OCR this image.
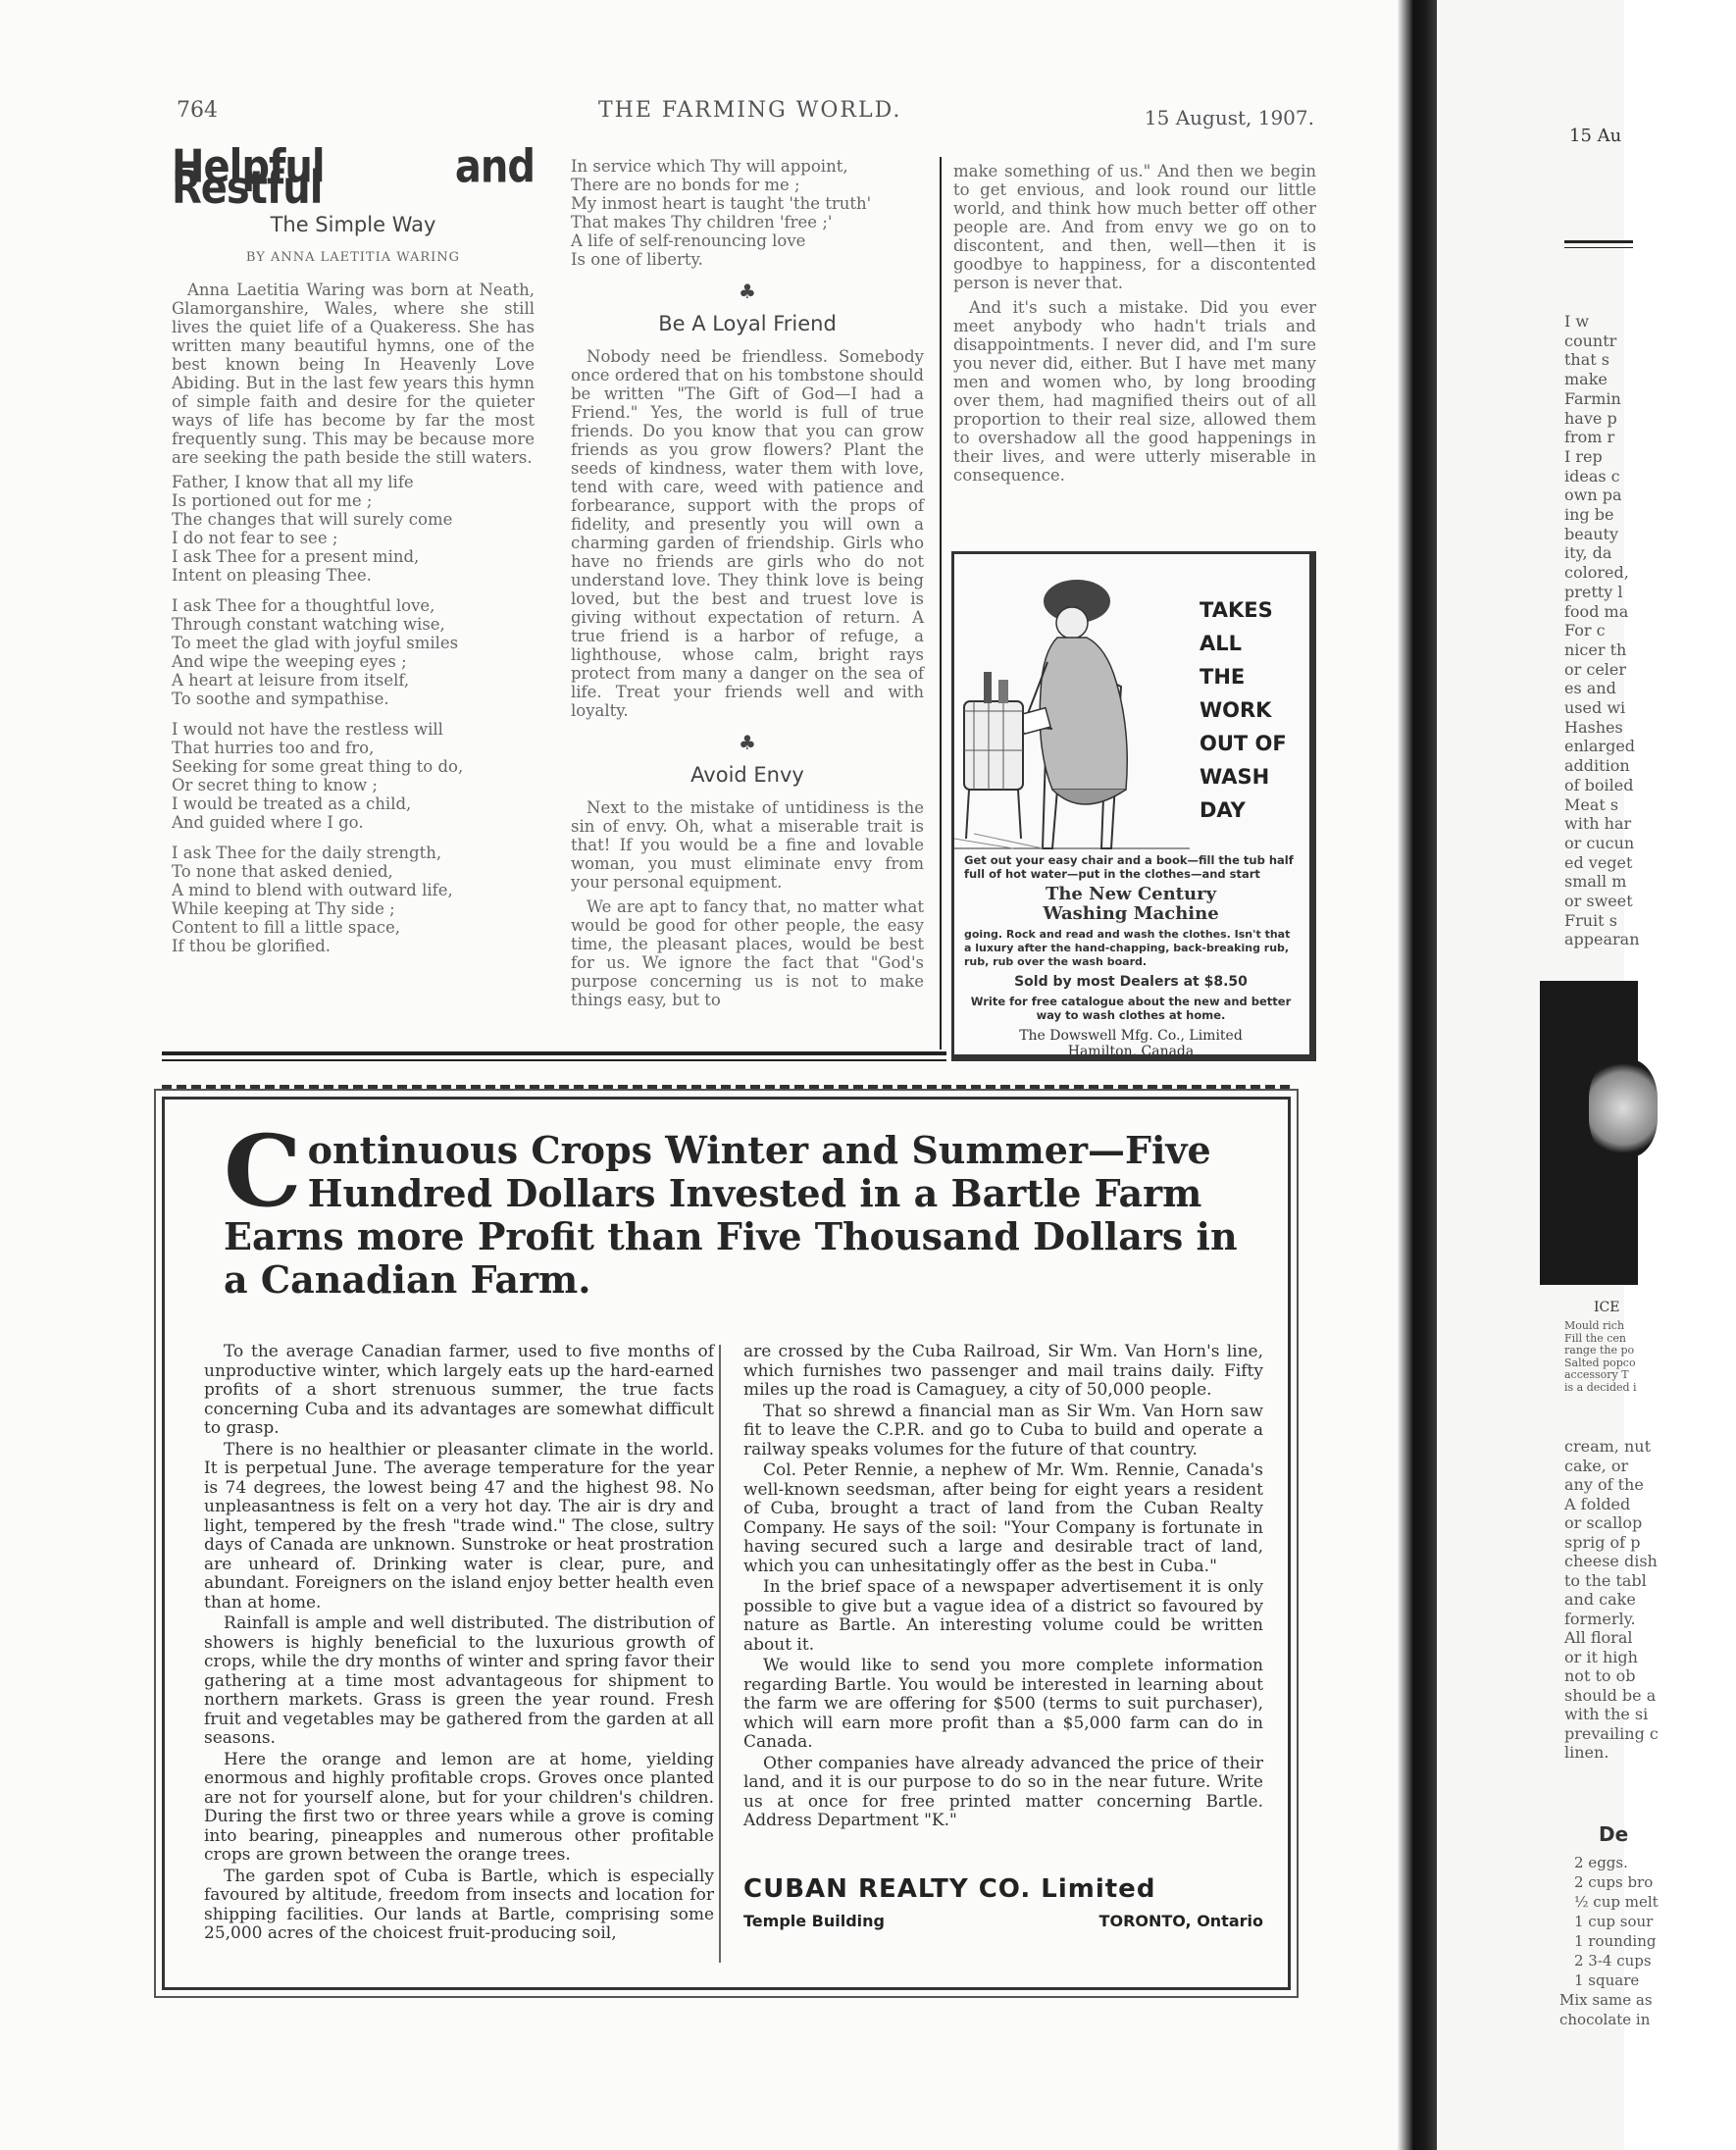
764	THE FARMING WORLD.	15 August, 1907.
Helpful and Restful
The Simple Way
BY ANNA LAETITIA WARING

Anna Laetitia Waring was born at Neath, Glamorganshire, Wales, where she still lives the quiet life of a Quakeress. She has written many beautiful hymns, one of the best known being In Heavenly Love Abiding. But in the last few years this hymn of simple faith and desire for the quieter ways of life has become by far the most frequently sung. This may be because more are seeking the path beside the still waters.

Father, I know that all my life
Is portioned out for me ;
The changes that will surely come
I do not fear to see ;
I ask Thee for a present mind,
Intent on pleasing Thee.

I ask Thee for a thoughtful love,
Through constant watching wise,
To meet the glad with joyful smiles
And wipe the weeping eyes ;
A heart at leisure from itself,
To soothe and sympathise.

I would not have the restless will
That hurries too and fro,
Seeking for some great thing to do,
Or secret thing to know ;
I would be treated as a child,
And guided where I go.

I ask Thee for the daily strength,
To none that asked denied,
A mind to blend with outward life,
While keeping at Thy side ;
Content to fill a little space,
If thou be glorified.

In service which Thy will appoint,
There are no bonds for me ;
My inmost heart is taught 'the truth'
That makes Thy children 'free ;'
A life of self-renouncing love
Is one of liberty.

♣
Be A Loyal Friend

Nobody need be friendless. Somebody once ordered that on his tombstone should be written "The Gift of God—I had a Friend." Yes, the world is full of true friends. Do you know that you can grow friends as you grow flowers? Plant the seeds of kindness, water them with love, tend with care, weed with patience and forbearance, support with the props of fidelity, and presently you will own a charming garden of friendship. Girls who have no friends are girls who do not understand love. They think love is being loved, but the best and truest love is giving without expectation of return. A true friend is a harbor of refuge, a lighthouse, whose calm, bright rays protect from many a danger on the sea of life. Treat your friends well and with loyalty.

♣
Avoid Envy

Next to the mistake of untidiness is the sin of envy. Oh, what a miserable trait is that! If you would be a fine and lovable woman, you must eliminate envy from your personal equipment.

We are apt to fancy that, no matter what would be good for other people, the easy time, the pleasant places, would be best for us. We ignore the fact that "God's purpose concerning us is not to make things easy, but to

make something of us." And then we begin to get envious, and look round our little world, and think how much better off other people are. And from envy we go on to discontent, and then, well—then it is goodbye to happiness, for a discontented person is never that.

And it's such a mistake. Did you ever meet anybody who hadn't trials and disappointments. I never did, and I'm sure you never did, either. But I have met many men and women who, by long brooding over them, had magnified theirs out of all proportion to their real size, allowed them to overshadow all the good happenings in their lives, and were utterly miserable in consequence.

TAKES
ALL
THE
WORK
OUT OF
WASH
DAY
Get out your easy chair and a book—fill the tub half full of hot water—put in the clothes—and start
The New Century
Washing Machine
going. Rock and read and wash the clothes. Isn't that a luxury after the hand-chapping, back-breaking rub, rub, rub over the wash board.
Sold by most Dealers at $8.50
Write for free catalogue about the new and better way to wash clothes at home.
The Dowswell Mfg. Co., Limited
Hamilton, Canada
C ontinuous Crops Winter and Summer—Five Hundred Dollars Invested in a Bartle Farm Earns more Profit than Five Thousand Dollars in a Canadian Farm.

To the average Canadian farmer, used to five months of unproductive winter, which largely eats up the hard-earned profits of a short strenuous summer, the true facts concerning Cuba and its advantages are somewhat difficult to grasp.

There is no healthier or pleasanter climate in the world. It is perpetual June. The average temperature for the year is 74 degrees, the lowest being 47 and the highest 98. No unpleasantness is felt on a very hot day. The air is dry and light, tempered by the fresh "trade wind." The close, sultry days of Canada are unknown. Sunstroke or heat prostration are unheard of. Drinking water is clear, pure, and abundant. Foreigners on the island enjoy better health even than at home.

Rainfall is ample and well distributed. The distribution of showers is highly beneficial to the luxurious growth of crops, while the dry months of winter and spring favor their gathering at a time most advantageous for shipment to northern markets. Grass is green the year round. Fresh fruit and vegetables may be gathered from the garden at all seasons.

Here the orange and lemon are at home, yielding enormous and highly profitable crops. Groves once planted are not for yourself alone, but for your children's children. During the first two or three years while a grove is coming into bearing, pineapples and numerous other profitable crops are grown between the orange trees.

The garden spot of Cuba is Bartle, which is especially favoured by altitude, freedom from insects and location for shipping facilities. Our lands at Bartle, comprising some 25,000 acres of the choicest fruit-producing soil,

are crossed by the Cuba Railroad, Sir Wm. Van Horn's line, which furnishes two passenger and mail trains daily. Fifty miles up the road is Camaguey, a city of 50,000 people.

That so shrewd a financial man as Sir Wm. Van Horn saw fit to leave the C.P.R. and go to Cuba to build and operate a railway speaks volumes for the future of that country.

Col. Peter Rennie, a nephew of Mr. Wm. Rennie, Canada's well-known seedsman, after being for eight years a resident of Cuba, brought a tract of land from the Cuban Realty Company. He says of the soil: "Your Company is fortunate in having secured such a large and desirable tract of land, which you can unhesitatingly offer as the best in Cuba."

In the brief space of a newspaper advertisement it is only possible to give but a vague idea of a district so favoured by nature as Bartle. An interesting volume could be written about it.

We would like to send you more complete information regarding Bartle. You would be interested in learning about the farm we are offering for $500 (terms to suit purchaser), which will earn more profit than a $5,000 farm can do in Canada.

Other companies have already advanced the price of their land, and it is our purpose to do so in the near future. Write us at once for free printed matter concerning Bartle. Address Department "K."

CUBAN REALTY CO. Limited
Temple Building	TORONTO, Ontario
15 Au
I w
countr
that s
make
Farmin
have p
from r
I rep
ideas c
own pa
ing be
beauty
ity, da
colored,
pretty l
food ma
For c
nicer th
or celer
es and
used wi
Hashes
enlarged
addition
of boiled
Meat s
with har
or cucun
ed veget
small m
or sweet
Fruit s
appearan
ICE
Mould rich
Fill the cen
range the po
Salted popco
accessory T
is a decided i
cream, nut
cake, or
any of the
A folded
or scallop
sprig of p
cheese dish
to the tabl
and cake
formerly.
All floral
or it high
not to ob
should be a
with the si
prevailing c
linen.
De
2 eggs.
2 cups bro
½ cup melt
1 cup sour
1 rounding
2 3-4 cups
1 square
Mix same as
chocolate in
